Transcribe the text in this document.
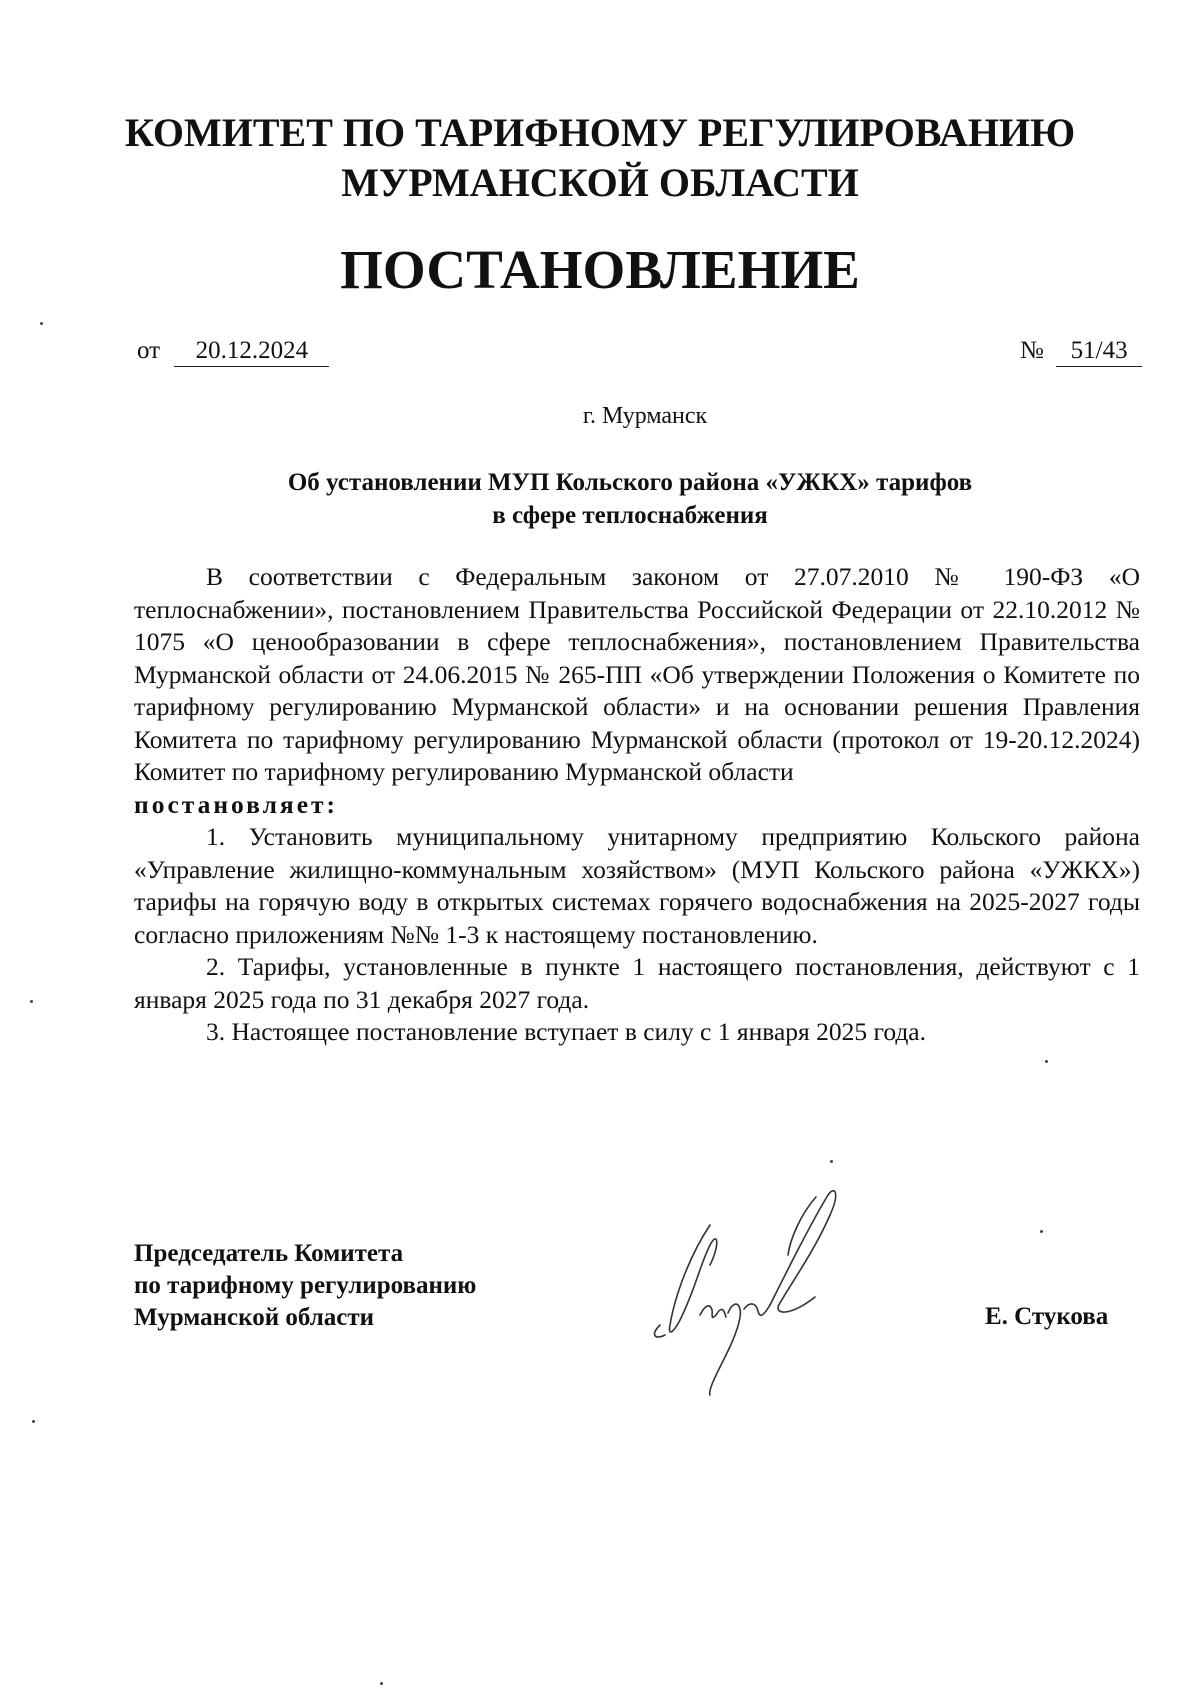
КОМИТЕТ ПО ТАРИФНОМУ РЕГУЛИРОВАНИЮ
МУРМАНСКОЙ ОБЛАСТИ
ПОСТАНОВЛЕНИЕ
от 20.12.2024	№ 51/43
г. Мурманск
Об установлении МУП Кольского района «УЖКХ» тарифов
в сфере теплоснабжения

В соответствии с Федеральным законом от 27.07.2010 № 190-ФЗ «О теплоснабжении», постановлением Правительства Российской Федерации от 22.10.2012 № 1075 «О ценообразовании в сфере теплоснабжения», постановлением Правительства Мурманской области от 24.06.2015 № 265-ПП «Об утверждении Положения о Комитете по тарифному регулированию Мурманской области» и на основании решения Правления Комитета по тарифному регулированию Мурманской области (протокол от 19-20.12.2024) Комитет по тарифному регулированию Мурманской области

постановляет:

1. Установить муниципальному унитарному предприятию Кольского района «Управление жилищно-коммунальным хозяйством» (МУП Кольского района «УЖКХ») тарифы на горячую воду в открытых системах горячего водоснабжения на 2025-2027 годы согласно приложениям №№ 1-3 к настоящему постановлению.

2. Тарифы, установленные в пункте 1 настоящего постановления, действуют с 1 января 2025 года по 31 декабря 2027 года.

3. Настоящее постановление вступает в силу с 1 января 2025 года.

Председатель Комитета
по тарифному регулированию
Мурманской области	Е. Стукова
